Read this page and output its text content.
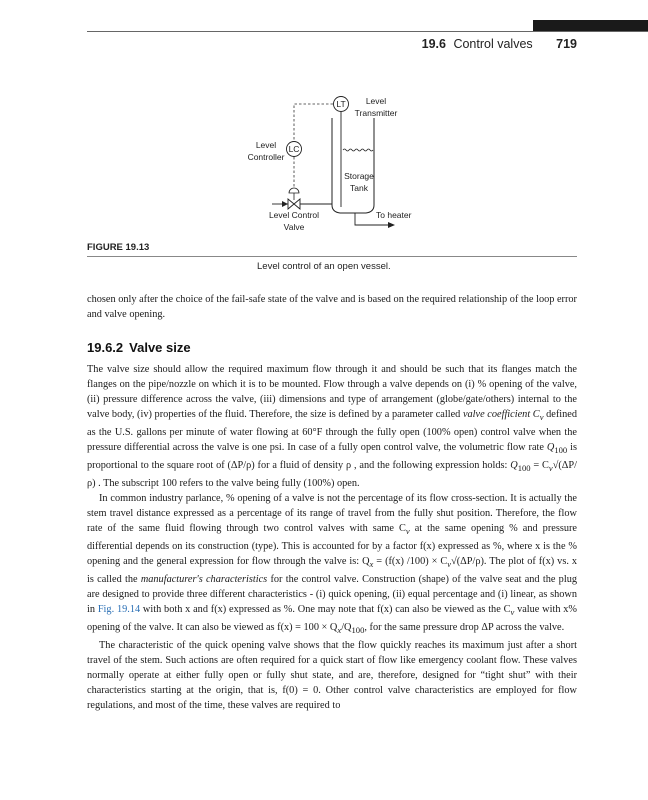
19.6 Control valves 719
LT Level
Transmitter
LC
Level
Controller
Level Control
Valve
Storage
Tank
To heater
FIGURE 19.13
Level control of an open vessel.

chosen only after the choice of the fail-safe state of the valve and is based on the required relationship of the loop error and valve opening.

19.6.2 Valve size

The valve size should allow the required maximum flow through it and should be such that its flanges match the flanges on the pipe/nozzle on which it is to be mounted. Flow through a valve depends on (i) % opening of the valve, (ii) pressure difference across the valve, (iii) dimensions and type of arrangement (globe/gate/others) internal to the valve body, (iv) properties of the fluid. Therefore, the size is defined by a parameter called valve coefficient $C_v$ defined as the U.S. gallons per minute of water flowing at 60°F through the fully open (100% open) control valve when the pressure differential across the valve is one psi. In case of a fully open control valve, the volumetric flow rate $Q_{100}$ is proportional to the square root of (ΔP/ρ) for a fluid of density ρ , and the following expression holds: $Q_{100} = C_v√(\Delta P/\rho)$ . The subscript 100 refers to the valve being fully (100%) open.

In common industry parlance, % opening of a valve is not the percentage of its flow cross-section. It is actually the stem travel distance expressed as a percentage of its range of travel from the fully shut position. Therefore, the flow rate of the same fluid flowing through two control valves with same $C_v$ at the same opening % and pressure differential depends on its construction (type). This is accounted for by a factor f(x) expressed as %, where x is the % opening and the general expression for flow through the valve is: $Q_x = (f(x) /100) \times C_v√(\Delta P/\rho)$. The plot of f(x) vs. x is called the manufacturer's characteristics for the control valve. Construction (shape) of the valve seat and the plug are designed to provide three different characteristics - (i) quick opening, (ii) equal percentage and (i) linear, as shown in Fig. 19.14 with both x and f(x) expressed as %. One may note that f(x) can also be viewed as the $C_v$ value with x% opening of the valve. It can also be viewed as $f(x) = 100 \times Q_x/Q_{100}$, for the same pressure drop ΔP across the valve.

The characteristic of the quick opening valve shows that the flow quickly reaches its maximum just after a short travel of the stem. Such actions are often required for a quick start of flow like emergency coolant flow. These valves normally operate at either fully open or fully shut state, and are, therefore, designed for “tight shut” with their characteristics starting at the origin, that is, f(0) = 0. Other control valve characteristics are employed for flow regulations, and most of the time, these valves are required to
